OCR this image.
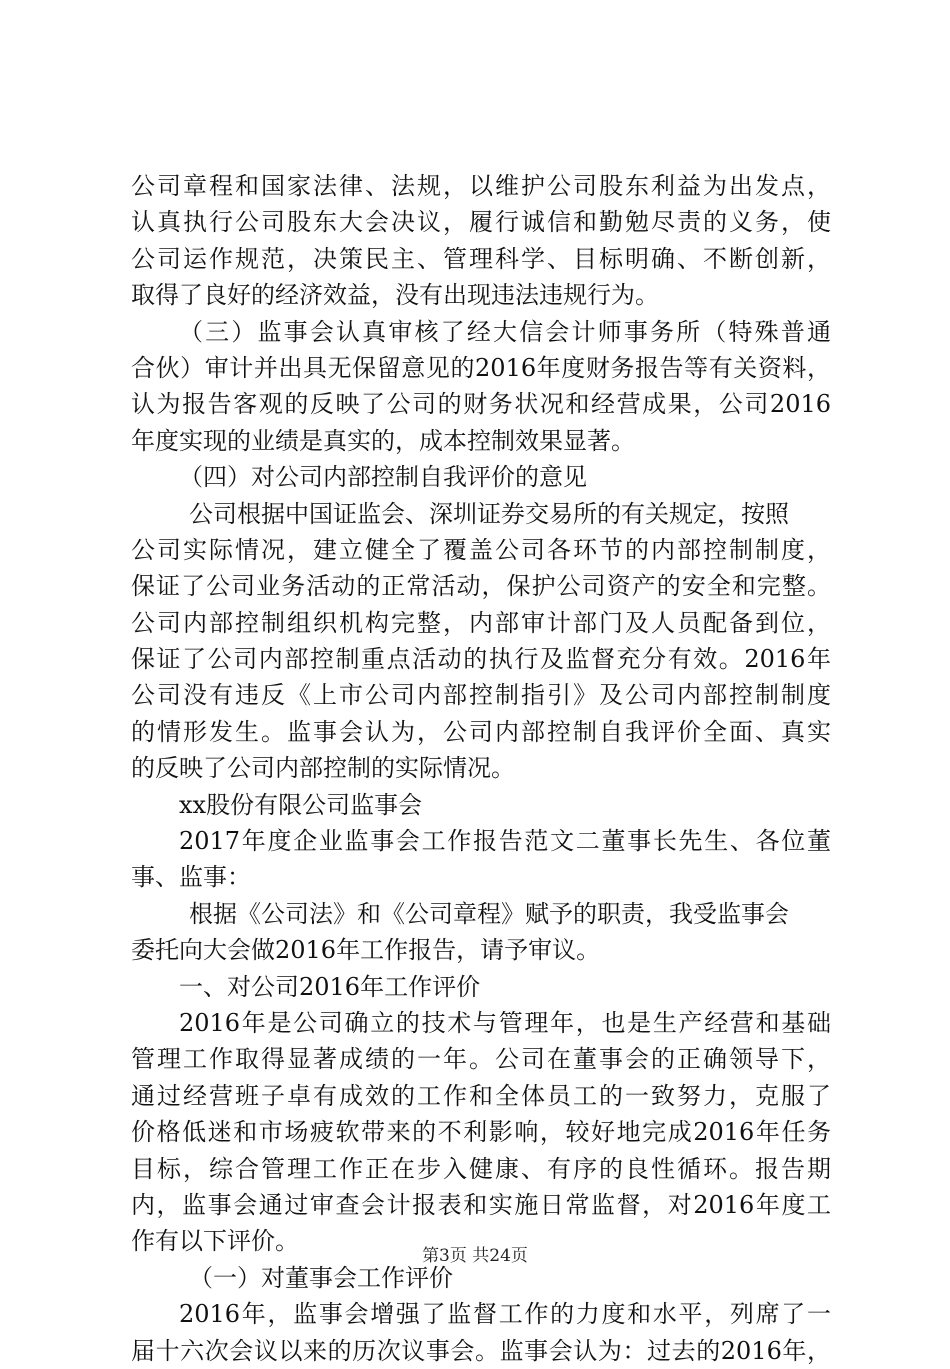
公司章程和国家法律、法规，以维护公司股东利益为出发点，
认真执行公司股东大会决议，履行诚信和勤勉尽责的义务，使
公司运作规范，决策民主、管理科学、目标明确、不断创新，
取得了良好的经济效益，没有出现违法违规行为。
（三）监事会认真审核了经大信会计师事务所（特殊普通
合伙）审计并出具无保留意见的2016年度财务报告等有关资料，
认为报告客观的反映了公司的财务状况和经营成果，公司2016
年度实现的业绩是真实的，成本控制效果显著。
（四）对公司内部控制自我评价的意见
公司根据中国证监会、深圳证券交易所的有关规定，按照
公司实际情况，建立健全了覆盖公司各环节的内部控制制度，
保证了公司业务活动的正常活动，保护公司资产的安全和完整。
公司内部控制组织机构完整，内部审计部门及人员配备到位，
保证了公司内部控制重点活动的执行及监督充分有效。2016年
公司没有违反《上市公司内部控制指引》及公司内部控制制度
的情形发生。监事会认为，公司内部控制自我评价全面、真实
的反映了公司内部控制的实际情况。
xx股份有限公司监事会
2017年度企业监事会工作报告范文二董事长先生、各位董
事、监事：
根据《公司法》和《公司章程》赋予的职责，我受监事会
委托向大会做2016年工作报告，请予审议。
一、对公司2016年工作评价
2016年是公司确立的技术与管理年，也是生产经营和基础
管理工作取得显著成绩的一年。公司在董事会的正确领导下，
通过经营班子卓有成效的工作和全体员工的一致努力，克服了
价格低迷和市场疲软带来的不利影响，较好地完成2016年任务
目标，综合管理工作正在步入健康、有序的良性循环。报告期
内，监事会通过审查会计报表和实施日常监督，对2016年度工
作有以下评价。
（一）对董事会工作评价
2016年，监事会增强了监督工作的力度和水平，列席了一
届十六次会议以来的历次议事会。监事会认为：过去的2016年，
第3页 共24页
